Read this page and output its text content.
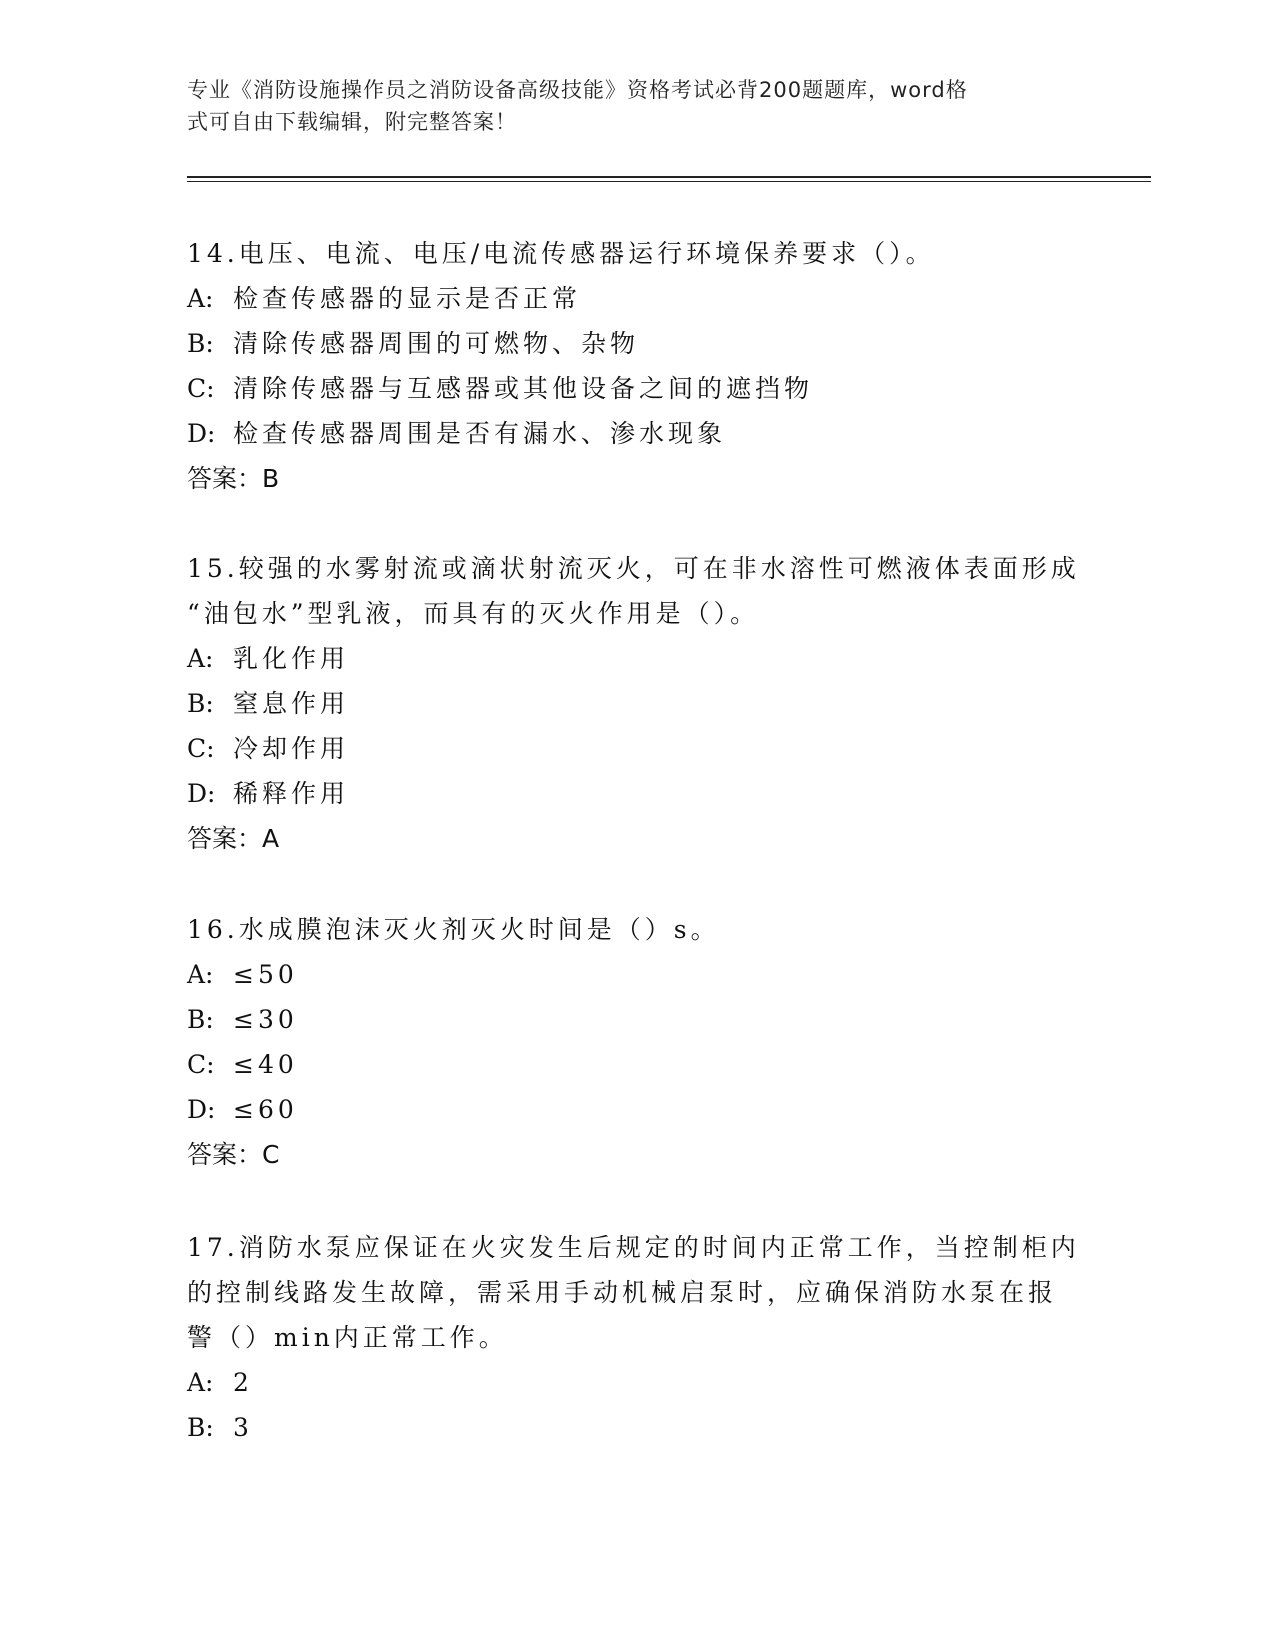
专业《消防设施操作员之消防设备高级技能》资格考试必背200题题库，word格
式可自由下载编辑，附完整答案！

14.电压、电流、电压/电流传感器运行环境保养要求（）。

A: 检查传感器的显示是否正常

B: 清除传感器周围的可燃物、杂物

C: 清除传感器与互感器或其他设备之间的遮挡物

D: 检查传感器周围是否有漏水、渗水现象

答案：B

15.较强的水雾射流或滴状射流灭火，可在非水溶性可燃液体表面形成

“油包水”型乳液，而具有的灭火作用是（）。

A: 乳化作用

B: 窒息作用

C: 冷却作用

D: 稀释作用

答案：A

16.水成膜泡沫灭火剂灭火时间是（）s。

A: ≤50

B: ≤30

C: ≤40

D: ≤60

答案：C

17.消防水泵应保证在火灾发生后规定的时间内正常工作，当控制柜内

的控制线路发生故障，需采用手动机械启泵时，应确保消防水泵在报

警（）min内正常工作。

A: 2

B: 3
